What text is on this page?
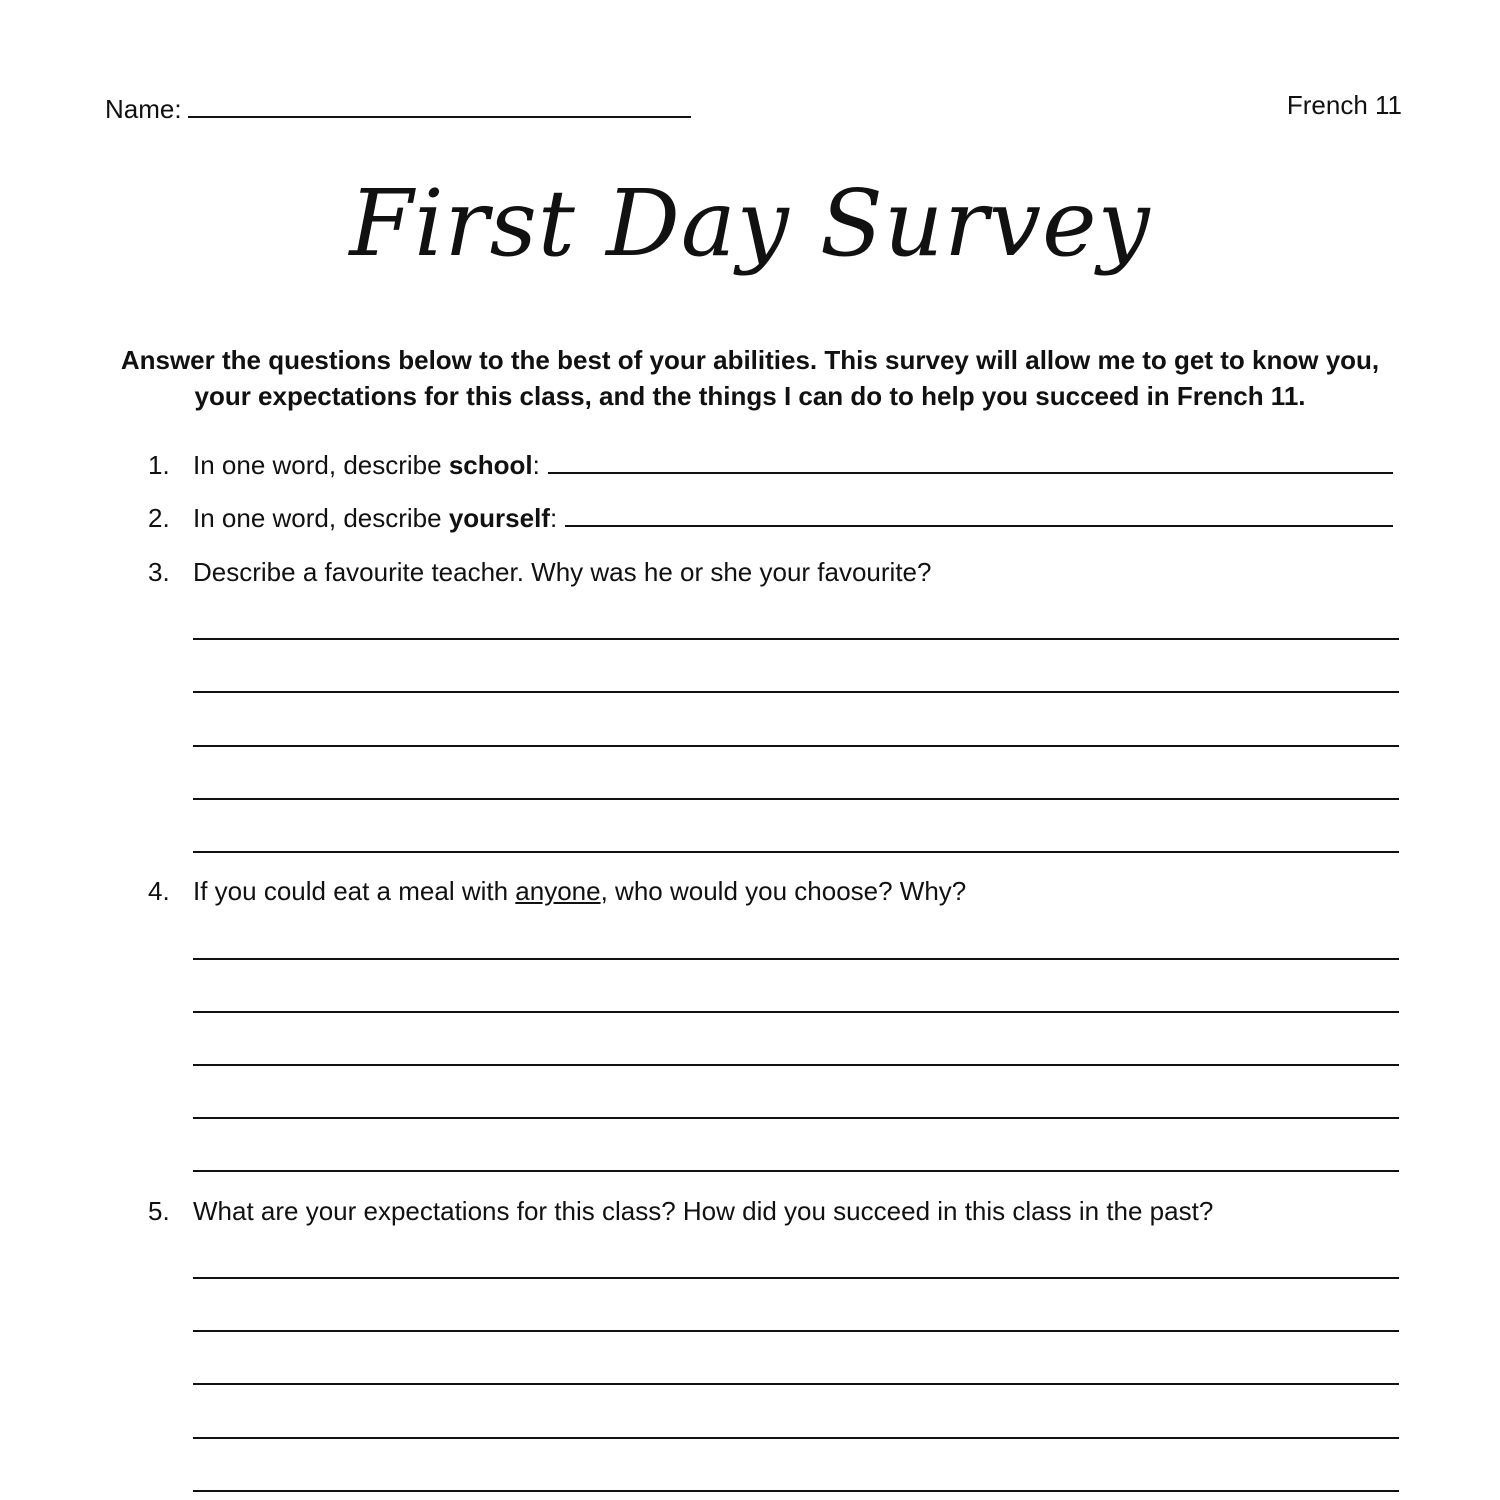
Name:	French 11
First Day Survey
Answer the questions below to the best of your abilities. This survey will allow me to get to know you, your expectations for this class, and the things I can do to help you succeed in French 11.
1. In one word, describe school:
2. In one word, describe yourself:
3. Describe a favourite teacher. Why was he or she your favourite?
4. If you could eat a meal with anyone, who would you choose? Why?
5. What are your expectations for this class? How did you succeed in this class in the past?
